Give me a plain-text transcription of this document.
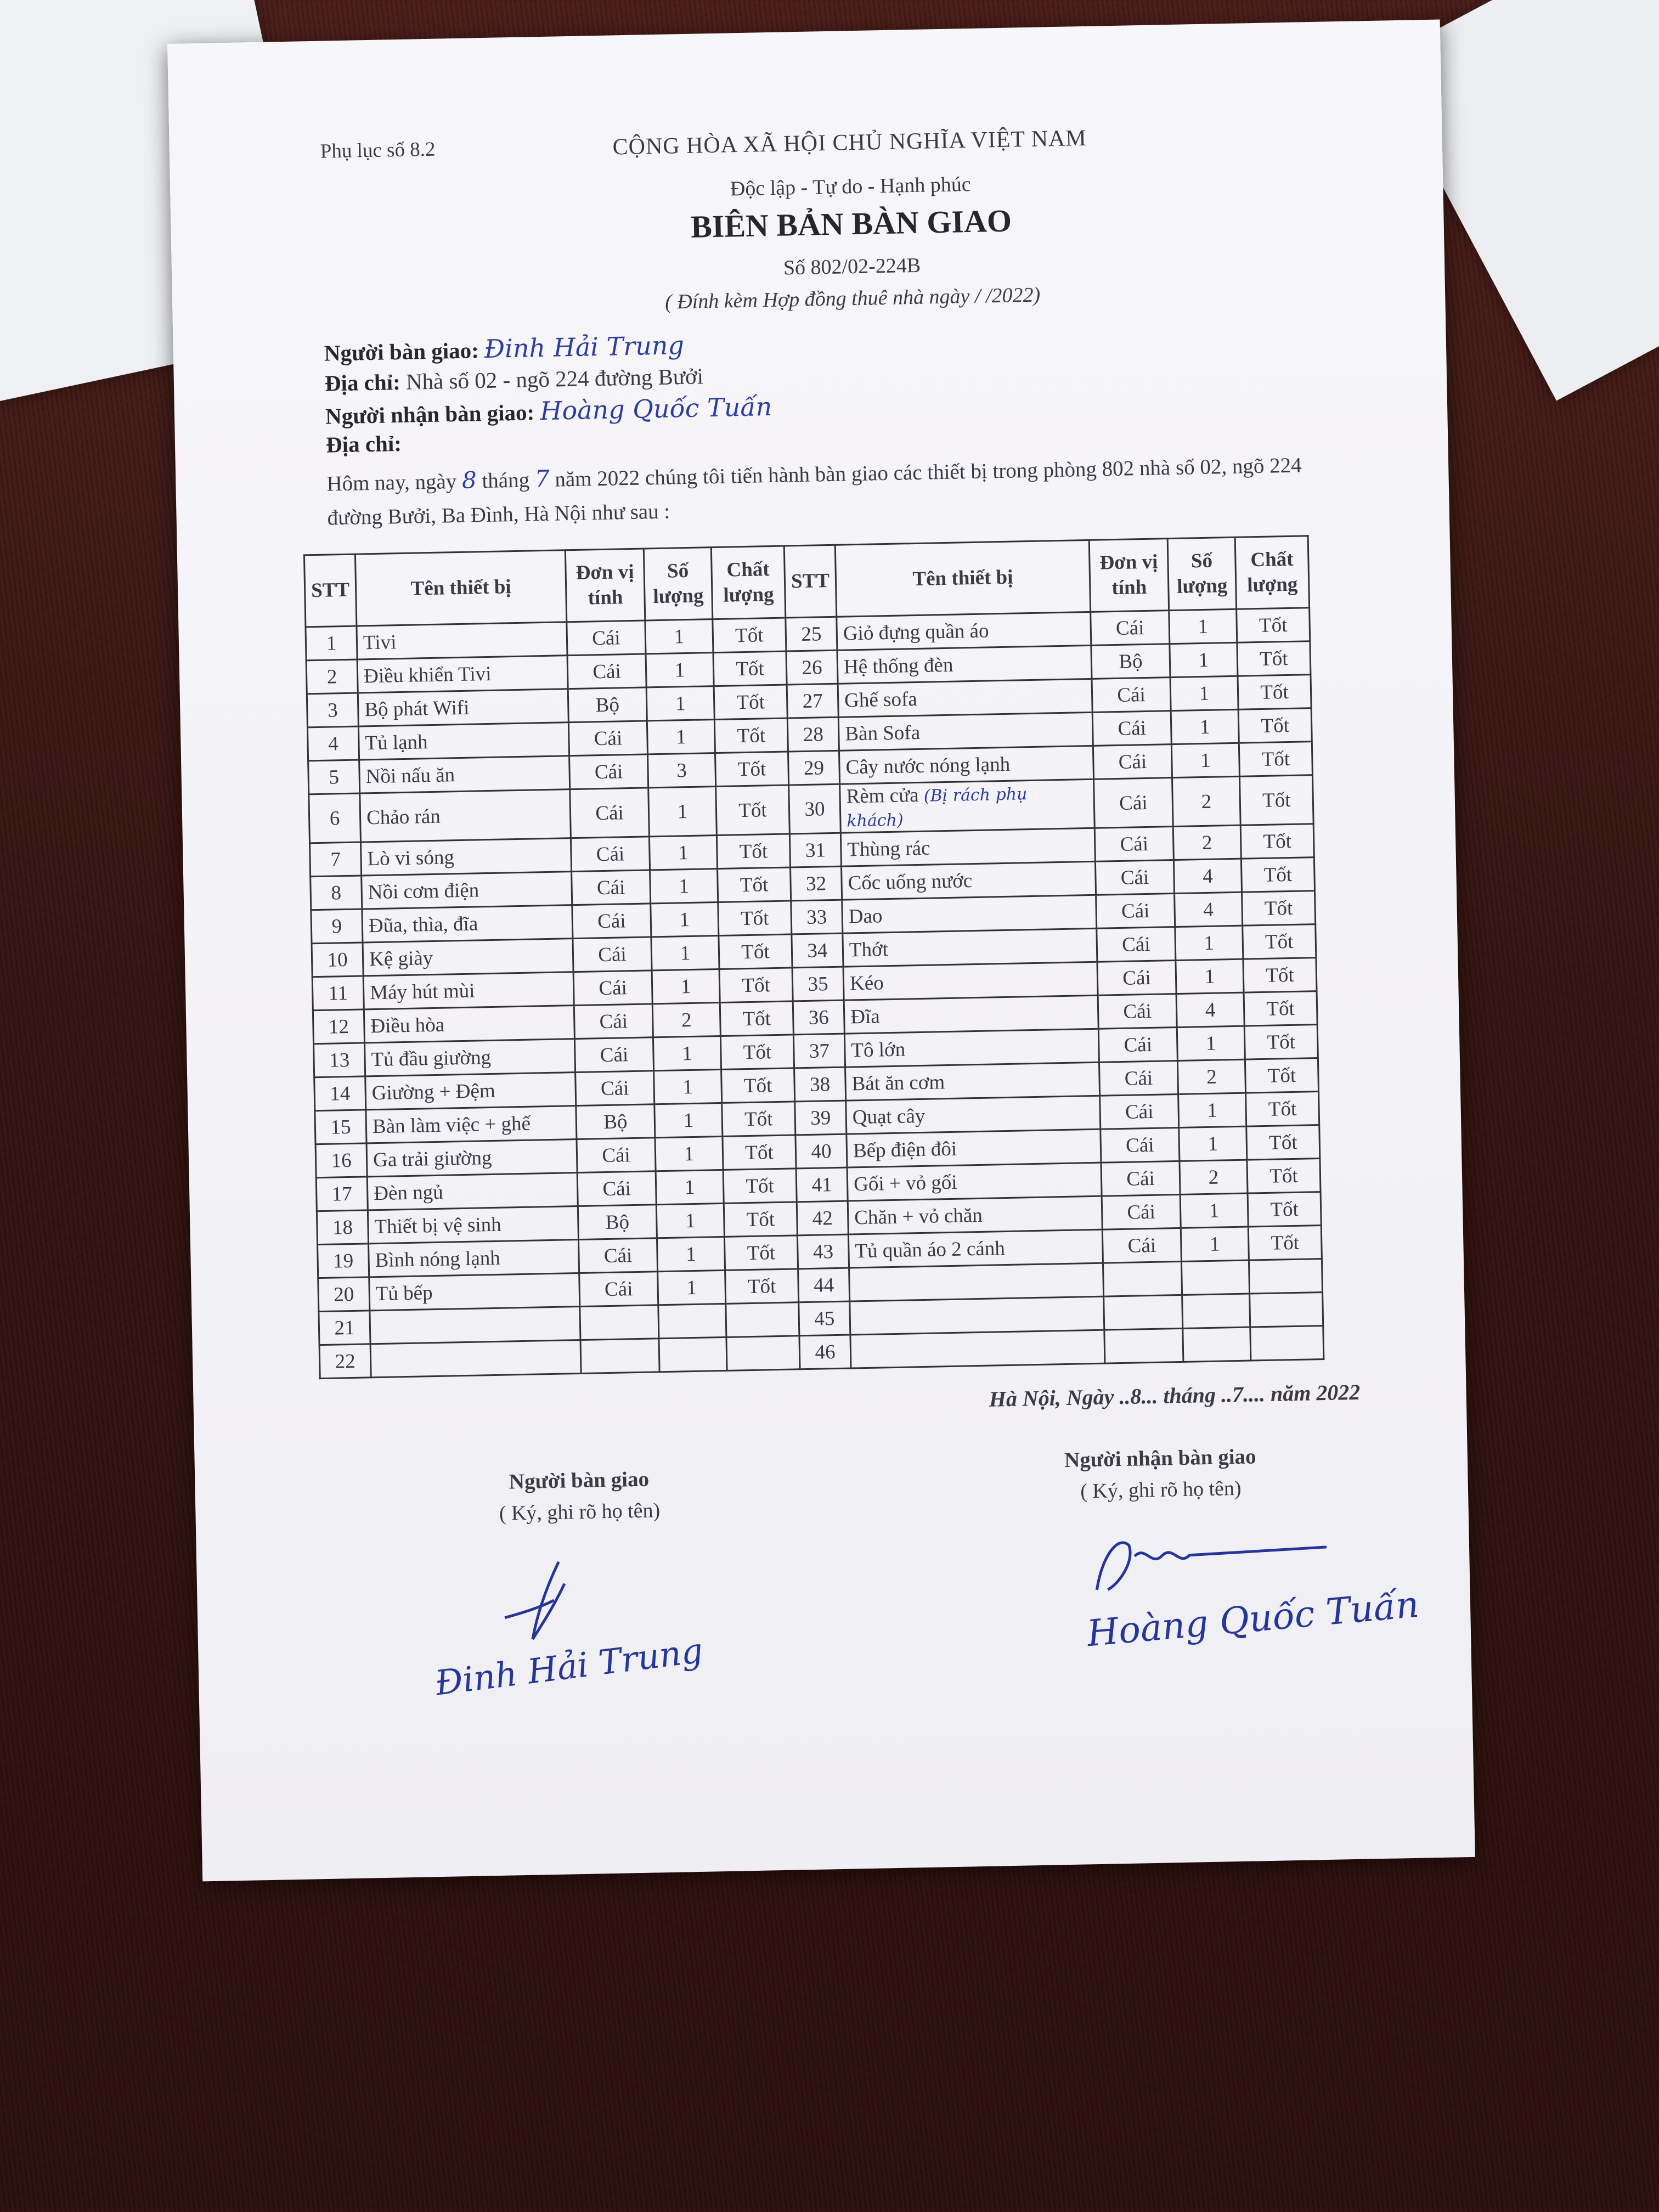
Phụ lục số 8.2	CỘNG HÒA XÃ HỘI CHỦ NGHĨA VIỆT NAM
Độc lập - Tự do - Hạnh phúc
BIÊN BẢN BÀN GIAO
Số 802/02-224B
( Đính kèm Hợp đồng thuê nhà ngày / /2022)
Người bàn giao: Đinh Hải Trung
Địa chỉ: Nhà số 02 - ngõ 224 đường Bưởi
Người nhận bàn giao: Hoàng Quốc Tuấn
Địa chỉ:
Hôm nay, ngày 8 tháng 7 năm 2022 chúng tôi tiến hành bàn giao các thiết bị trong phòng 802 nhà số 02, ngõ 224 đường Bưởi, Ba Đình, Hà Nội như sau :
STT	Tên thiết bị	Đơn vị tính	Số lượng	Chất lượng	STT	Tên thiết bị	Đơn vị tính	Số lượng	Chất lượng
1	Tivi	Cái	1	Tốt	25	Giỏ đựng quần áo	Cái	1	Tốt
2	Điều khiển Tivi	Cái	1	Tốt	26	Hệ thống đèn	Bộ	1	Tốt
3	Bộ phát Wifi	Bộ	1	Tốt	27	Ghế sofa	Cái	1	Tốt
4	Tủ lạnh	Cái	1	Tốt	28	Bàn Sofa	Cái	1	Tốt
5	Nồi nấu ăn	Cái	3	Tốt	29	Cây nước nóng lạnh	Cái	1	Tốt
6	Chảo rán	Cái	1	Tốt	30	Rèm cửa (Bị rách phụ khách)	Cái	2	Tốt
7	Lò vi sóng	Cái	1	Tốt	31	Thùng rác	Cái	2	Tốt
8	Nồi cơm điện	Cái	1	Tốt	32	Cốc uống nước	Cái	4	Tốt
9	Đũa, thìa, đĩa	Cái	1	Tốt	33	Dao	Cái	4	Tốt
10	Kệ giày	Cái	1	Tốt	34	Thớt	Cái	1	Tốt
11	Máy hút mùi	Cái	1	Tốt	35	Kéo	Cái	1	Tốt
12	Điều hòa	Cái	2	Tốt	36	Đĩa	Cái	4	Tốt
13	Tủ đầu giường	Cái	1	Tốt	37	Tô lớn	Cái	1	Tốt
14	Giường + Đệm	Cái	1	Tốt	38	Bát ăn cơm	Cái	2	Tốt
15	Bàn làm việc + ghế	Bộ	1	Tốt	39	Quạt cây	Cái	1	Tốt
16	Ga trải giường	Cái	1	Tốt	40	Bếp điện đôi	Cái	1	Tốt
17	Đèn ngủ	Cái	1	Tốt	41	Gối + vỏ gối	Cái	2	Tốt
18	Thiết bị vệ sinh	Bộ	1	Tốt	42	Chăn + vỏ chăn	Cái	1	Tốt
19	Bình nóng lạnh	Cái	1	Tốt	43	Tủ quần áo 2 cánh	Cái	1	Tốt
20	Tủ bếp	Cái	1	Tốt	44				
21					45				
22					46				
Hà Nội, Ngày ..8... tháng ..7.... năm 2022
Người bàn giao
( Ký, ghi rõ họ tên)
Người nhận bàn giao
( Ký, ghi rõ họ tên)
Đinh Hải Trung
Hoàng Quốc Tuấn
